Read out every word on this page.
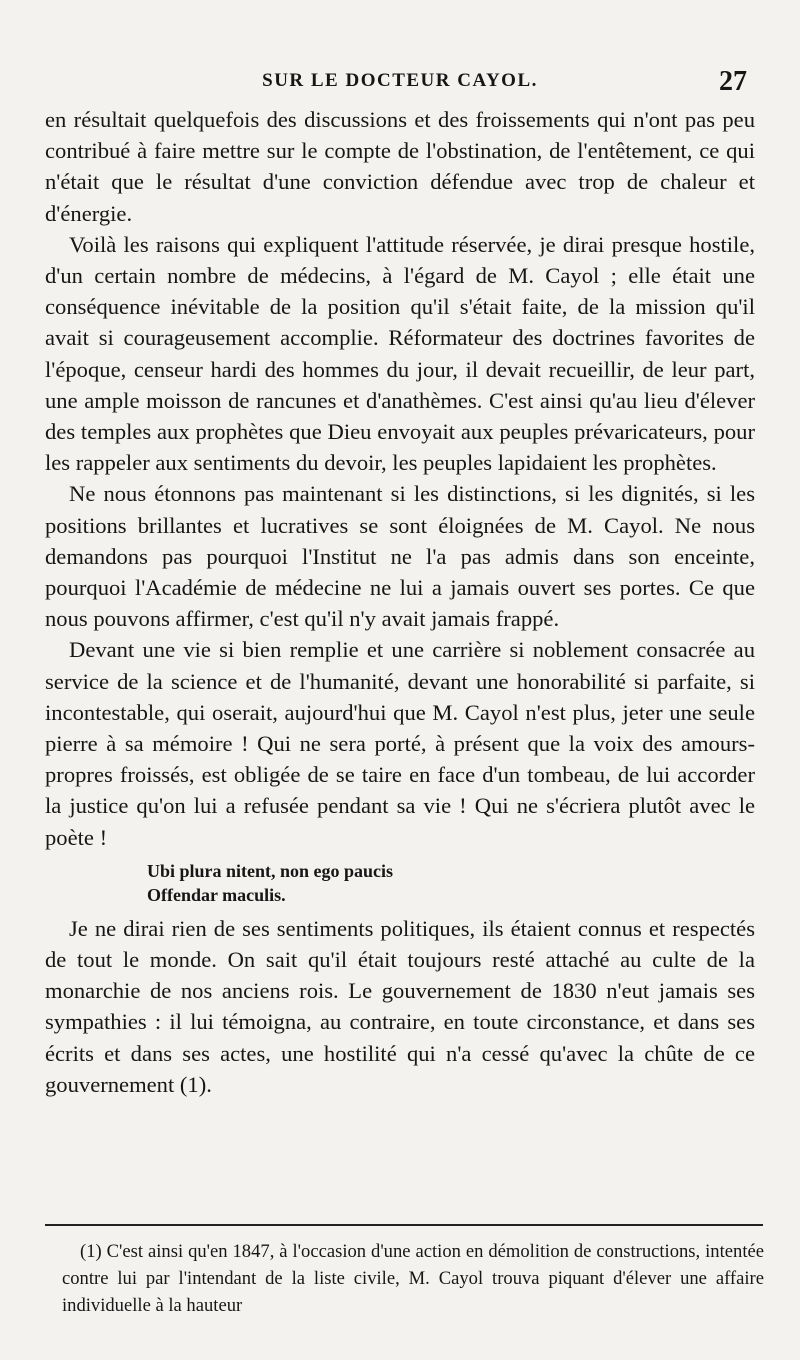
SUR LE DOCTEUR CAYOL.	27

en résultait quelquefois des discussions et des froissements qui n'ont pas peu contribué à faire mettre sur le compte de l'obstination, de l'entêtement, ce qui n'était que le résultat d'une conviction défendue avec trop de chaleur et d'énergie.

Voilà les raisons qui expliquent l'attitude réservée, je dirai presque hostile, d'un certain nombre de médecins, à l'égard de M. Cayol ; elle était une conséquence inévitable de la position qu'il s'était faite, de la mission qu'il avait si courageusement accomplie. Réformateur des doctrines favorites de l'époque, censeur hardi des hommes du jour, il devait recueillir, de leur part, une ample moisson de rancunes et d'anathèmes. C'est ainsi qu'au lieu d'élever des temples aux prophètes que Dieu envoyait aux peuples prévaricateurs, pour les rappeler aux sentiments du devoir, les peuples lapidaient les prophètes.

Ne nous étonnons pas maintenant si les distinctions, si les dignités, si les positions brillantes et lucratives se sont éloignées de M. Cayol. Ne nous demandons pas pourquoi l'Institut ne l'a pas admis dans son enceinte, pourquoi l'Académie de médecine ne lui a jamais ouvert ses portes. Ce que nous pouvons affirmer, c'est qu'il n'y avait jamais frappé.

Devant une vie si bien remplie et une carrière si noblement consacrée au service de la science et de l'humanité, devant une honorabilité si parfaite, si incontestable, qui oserait, aujourd'hui que M. Cayol n'est plus, jeter une seule pierre à sa mémoire ! Qui ne sera porté, à présent que la voix des amours-propres froissés, est obligée de se taire en face d'un tombeau, de lui accorder la justice qu'on lui a refusée pendant sa vie ! Qui ne s'écriera plutôt avec le poète !

Ubi plura nitent, non ego paucis
Offendar maculis.

Je ne dirai rien de ses sentiments politiques, ils étaient connus et respectés de tout le monde. On sait qu'il était toujours resté attaché au culte de la monarchie de nos anciens rois. Le gouvernement de 1830 n'eut jamais ses sympathies : il lui témoigna, au contraire, en toute circonstance, et dans ses écrits et dans ses actes, une hostilité qui n'a cessé qu'avec la chûte de ce gouvernement (1).

(1) C'est ainsi qu'en 1847, à l'occasion d'une action en démolition de constructions, intentée contre lui par l'intendant de la liste civile, M. Cayol trouva piquant d'élever une affaire individuelle à la hauteur
